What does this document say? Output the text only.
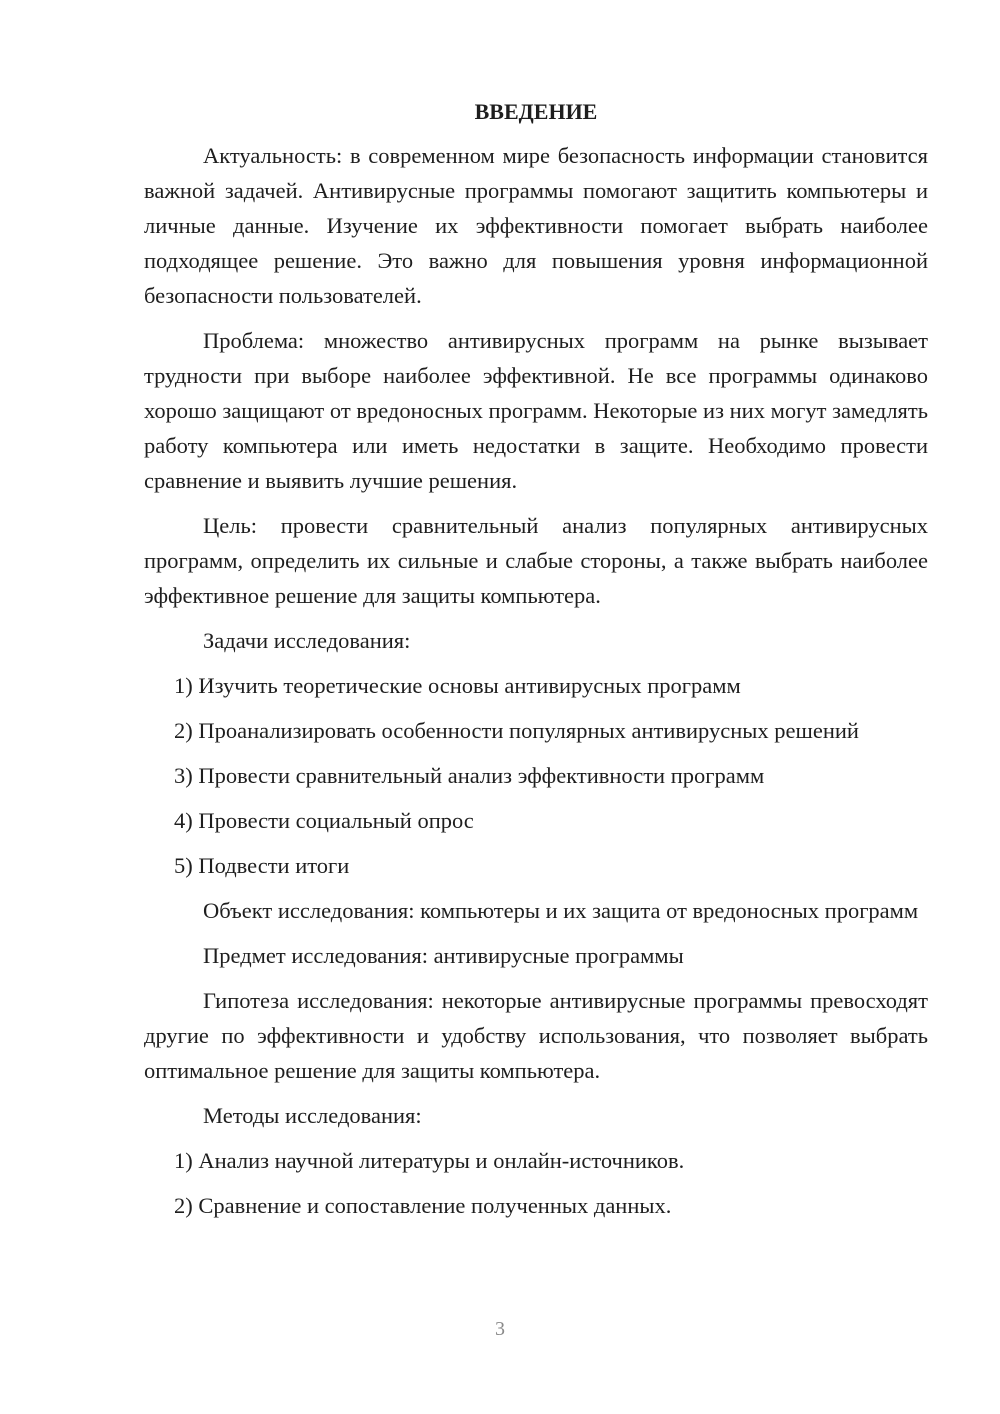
ВВЕДЕНИЕ

Актуальность: в современном мире безопасность информации становится важной задачей. Антивирусные программы помогают защитить компьютеры и личные данные. Изучение их эффективности помогает выбрать наиболее подходящее решение. Это важно для повышения уровня информационной безопасности пользователей.

Проблема: множество антивирусных программ на рынке вызывает трудности при выборе наиболее эффективной. Не все программы одинаково хорошо защищают от вредоносных программ. Некоторые из них могут замедлять работу компьютера или иметь недостатки в защите. Необходимо провести сравнение и выявить лучшие решения.

Цель: провести сравнительный анализ популярных антивирусных программ, определить их сильные и слабые стороны, а также выбрать наиболее эффективное решение для защиты компьютера.

Задачи исследования:

1) Изучить теоретические основы антивирусных программ

2) Проанализировать особенности популярных антивирусных решений

3) Провести сравнительный анализ эффективности программ

4) Провести социальный опрос

5) Подвести итоги

Объект исследования: компьютеры и их защита от вредоносных программ

Предмет исследования: антивирусные программы

Гипотеза исследования: некоторые антивирусные программы превосходят другие по эффективности и удобству использования, что позволяет выбрать оптимальное решение для защиты компьютера.

Методы исследования:

1) Анализ научной литературы и онлайн-источников.

2) Сравнение и сопоставление полученных данных.

3
